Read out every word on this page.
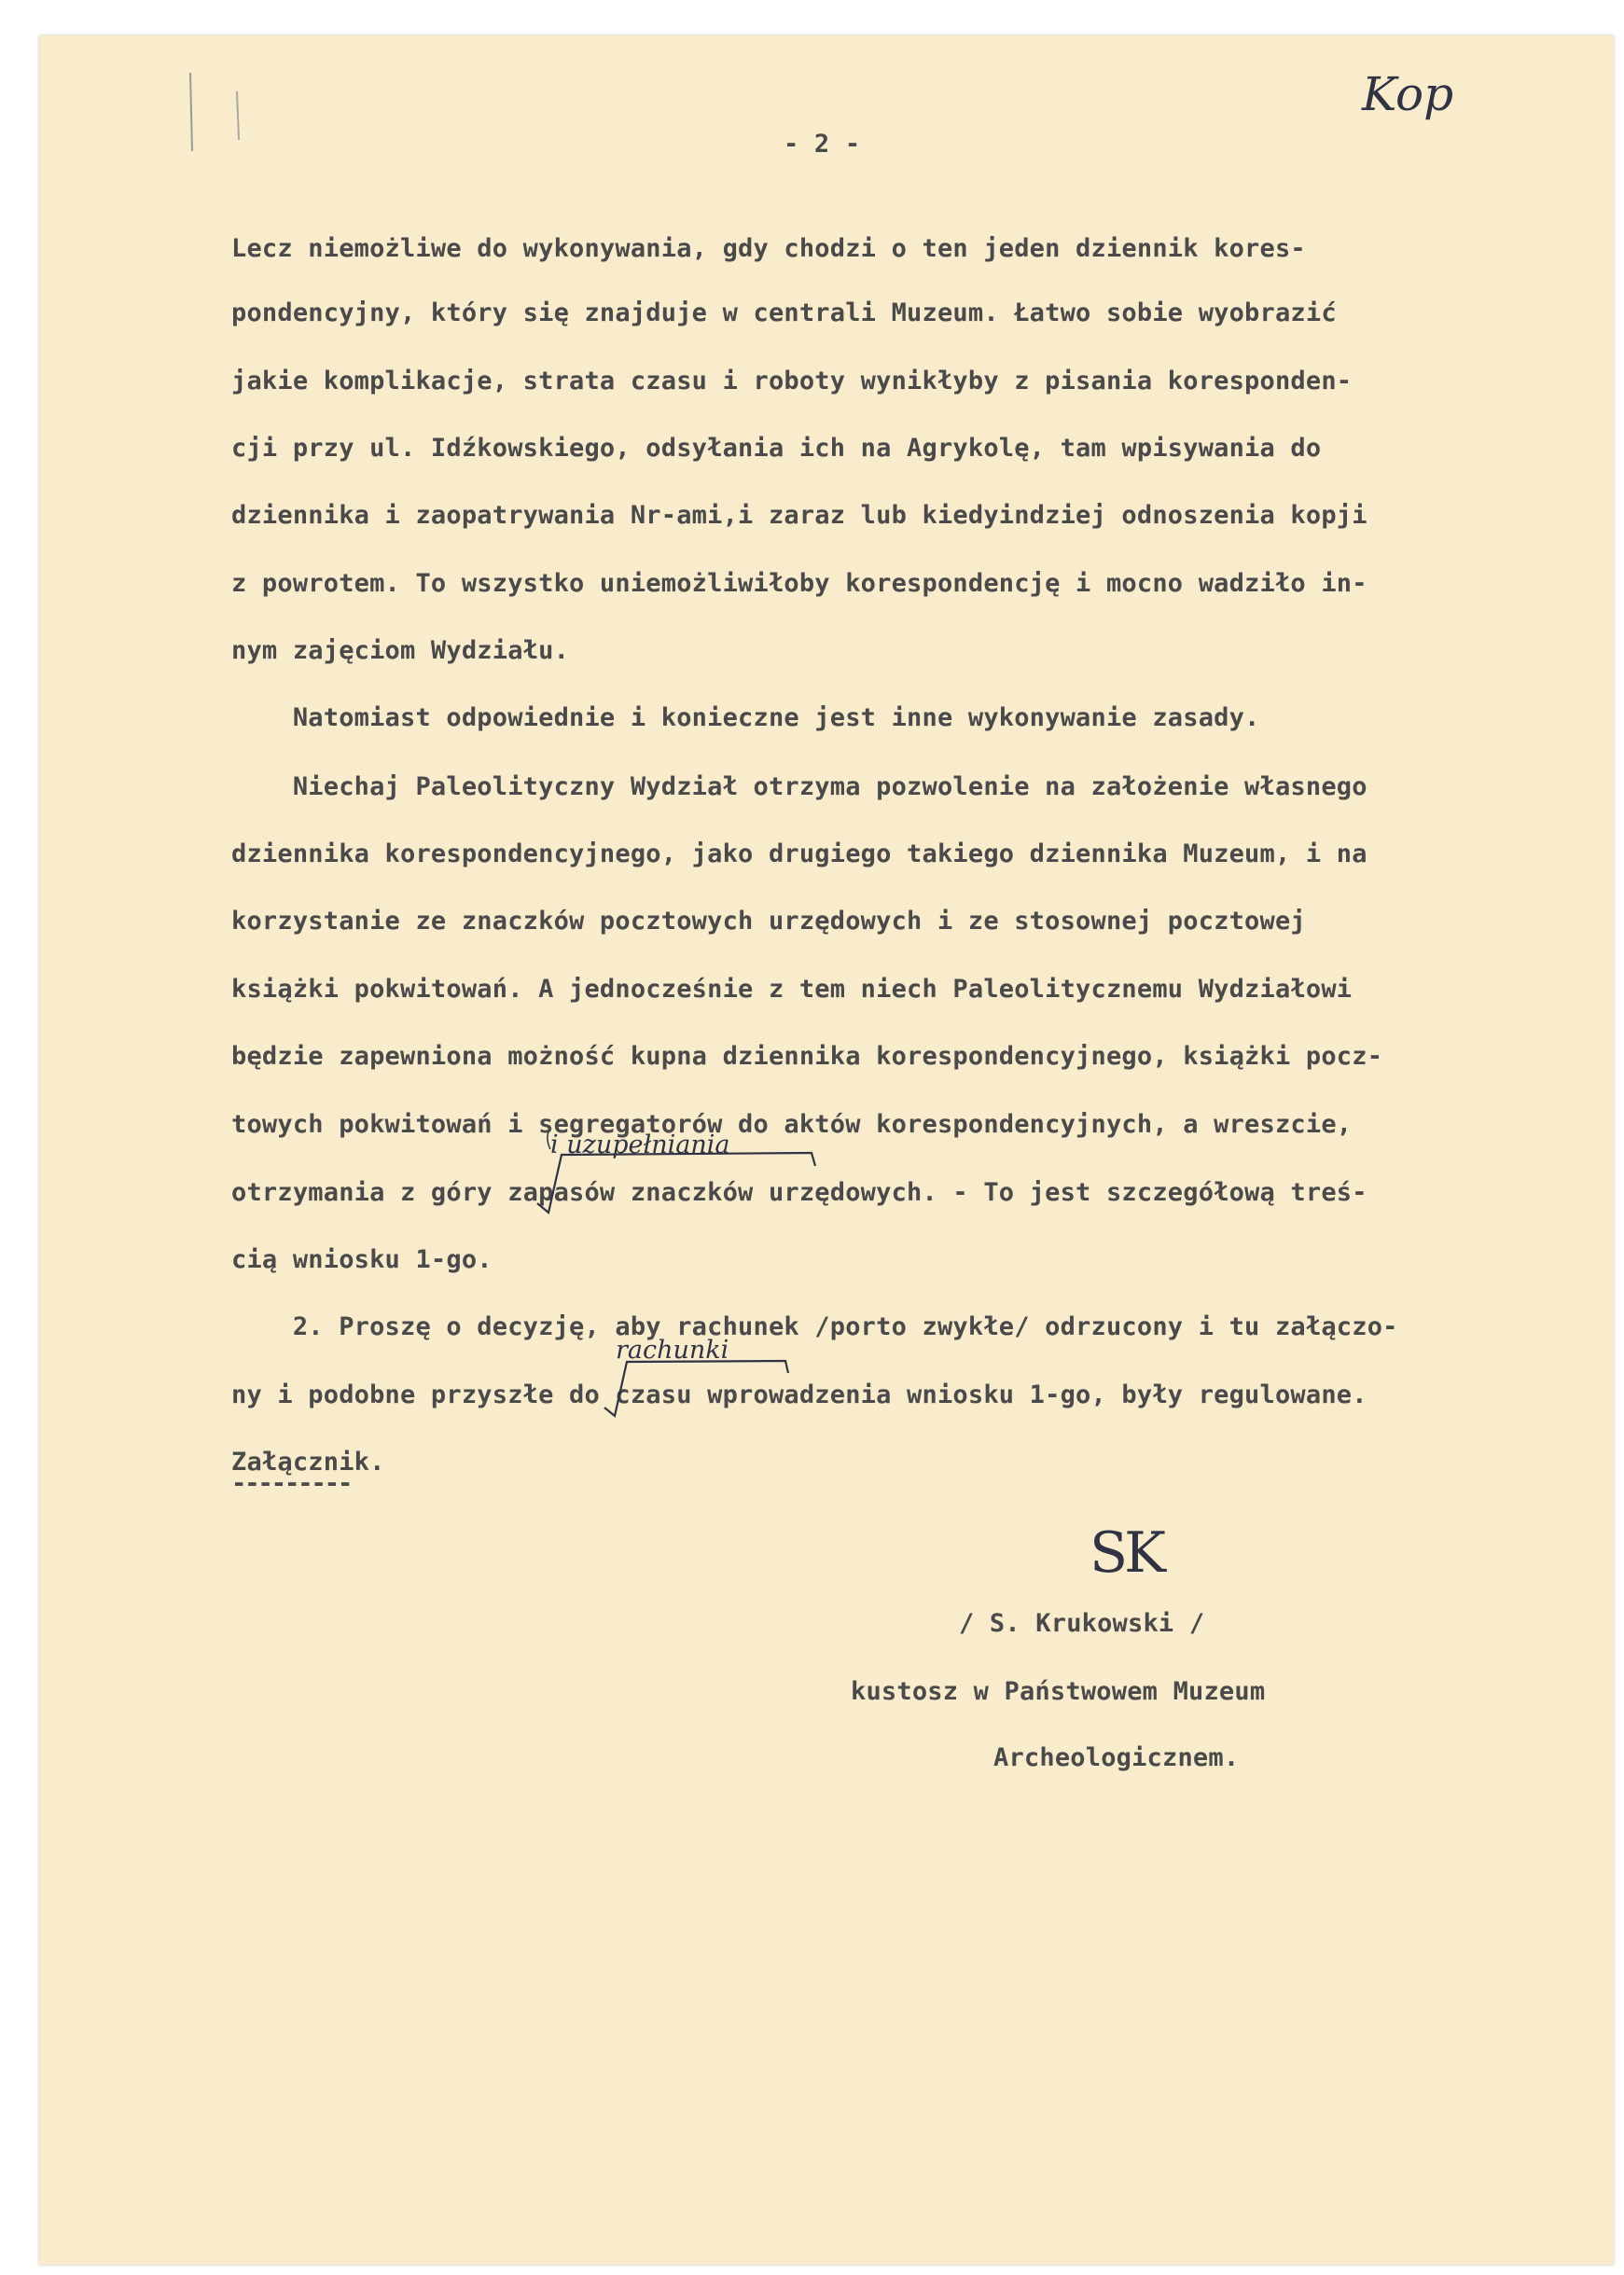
Kop
- 2 -
Lecz niemożliwe do wykonywania, gdy chodzi o ten jeden dziennik kores-
pondencyjny, który się znajduje w centrali Muzeum. Łatwo sobie wyobrazić
jakie komplikacje, strata czasu i roboty wynikłyby z pisania koresponden-
cji przy ul. Idźkowskiego, odsyłania ich na Agrykolę, tam wpisywania do
dziennika i zaopatrywania Nr-ami,i zaraz lub kiedyindziej odnoszenia kopji
z powrotem. To wszystko uniemożliwiłoby korespondencję i mocno wadziło in-
nym zajęciom Wydziału.
Natomiast odpowiednie i konieczne jest inne wykonywanie zasady.
Niechaj Paleolityczny Wydział otrzyma pozwolenie na założenie własnego
dziennika korespondencyjnego, jako drugiego takiego dziennika Muzeum, i na
korzystanie ze znaczków pocztowych urzędowych i ze stosownej pocztowej
książki pokwitowań. A jednocześnie z tem niech Paleolitycznemu Wydziałowi
będzie zapewniona możność kupna dziennika korespondencyjnego, książki pocz-
towych pokwitowań i segregatorów do aktów korespondencyjnych, a wreszcie,
otrzymania z góry zapasów znaczków urzędowych. - To jest szczegółową treś-
cią wniosku 1-go.
2. Proszę o decyzję, aby rachunek /porto zwykłe/ odrzucony i tu załączo-
ny i podobne przyszłe do czasu wprowadzenia wniosku 1-go, były regulowane.
Załącznik.
---------
i uzupełniania
rachunki
SK
/ S. Krukowski /
kustosz w Państwowem Muzeum
Archeologicznem.
